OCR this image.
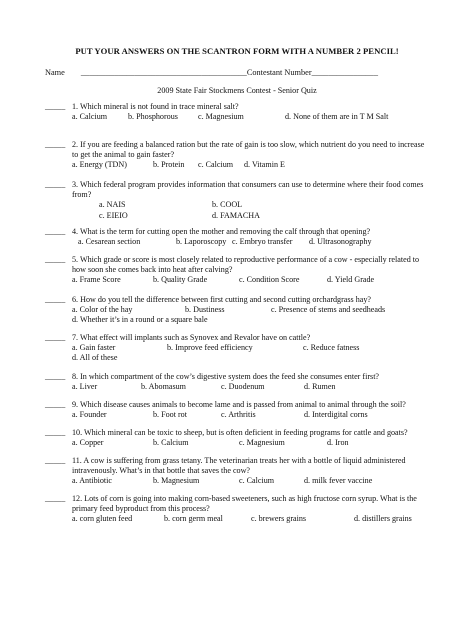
PUT YOUR ANSWERS ON THE SCANTRON FORM WITH A NUMBER 2 PENCIL!
Name ________________________________________Contestant Number________________
2009 State Fair Stockmens Contest - Senior Quiz
_____ 1. Which mineral is not found in trace mineral salt?
a. Calcium	b. Phosphorous c. Magnesium	d. None of them are in T M Salt
_____ 2. If you are feeding a balanced ration but the rate of gain is too slow, which nutrient do you need to increase to get the animal to gain faster?
a. Energy (TDN)	b. Protein c. Calcium d. Vitamin E
_____ 3. Which federal program provides information that consumers can use to determine where their food comes from?
a. NAIS	b. COOL
c. EIEIO	d. FAMACHA
_____ 4. What is the term for cutting open the mother and removing the calf through that opening?
a. Cesarean section	b. Laporoscopy c. Embryo transfer d. Ultrasonography
_____ 5. Which grade or score is most closely related to reproductive performance of a cow - especially related to how soon she comes back into heat after calving?
a. Frame Score	b. Quality Grade	c. Condition Score	d. Yield Grade
_____ 6. How do you tell the difference between first cutting and second cutting orchardgrass hay?
a. Color of the hay	b. Dustiness	c. Presence of stems and seedheads
d. Whether it’s in a round or a square bale
_____ 7. What effect will implants such as Synovex and Revalor have on cattle?
a. Gain faster	b. Improve feed efficiency	c. Reduce fatness
d. All of these
_____ 8. In which compartment of the cow’s digestive system does the feed she consumes enter first?
a. Liver	b. Abomasum	c. Duodenum	d. Rumen
_____ 9. Which disease causes animals to become lame and is passed from animal to animal through the soil?
a. Founder	b. Foot rot	c. Arthritis	d. Interdigital corns
_____ 10. Which mineral can be toxic to sheep, but is often deficient in feeding programs for cattle and goats?
a. Copper	b. Calcium	c. Magnesium	d. Iron
_____ 11. A cow is suffering from grass tetany. The veterinarian treats her with a bottle of liquid administered intravenously. What’s in that bottle that saves the cow?
a. Antibiotic	b. Magnesium	c. Calcium	d. milk fever vaccine
_____ 12. Lots of corn is going into making corn-based sweeteners, such as high fructose corn syrup. What is the primary feed byproduct from this process?
a. corn gluten feed	b. corn germ meal	c. brewers grains	d. distillers grains
